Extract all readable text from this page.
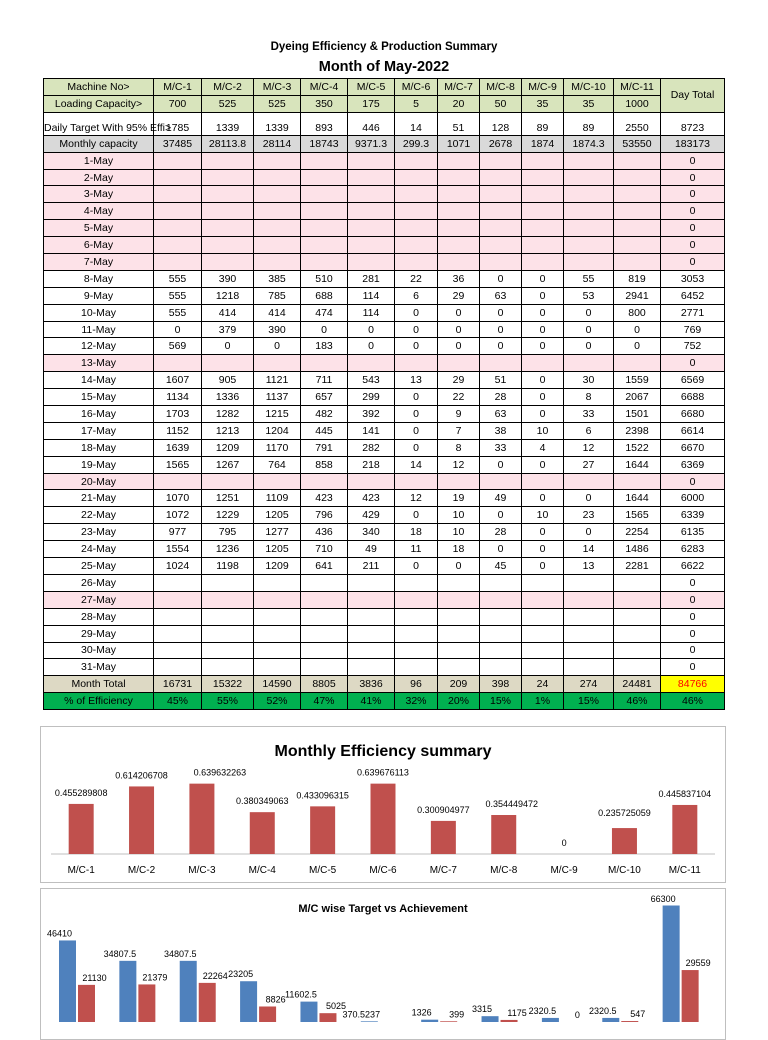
Dyeing Efficiency & Production Summary
Month of May-2022
Machine No>	M/C-1	M/C-2	M/C-3	M/C-4	M/C-5	M/C-6	M/C-7	M/C-8	M/C-9	M/C-10	M/C-11	Day Total
Loading Capacity>	700	525	525	350	175	5	20	50	35	35	1000	
Daily Target With 95% Effi>	1785	1339	1339	893	446	14	51	128	89	89	2550	8723
Monthly capacity	37485	28113.8	28114	18743	9371.3	299.3	1071	2678	1874	1874.3	53550	183173
1-May												0
2-May												0
3-May												0
4-May												0
5-May												0
6-May												0
7-May												0
8-May	555	390	385	510	281	22	36	0	0	55	819	3053
9-May	555	1218	785	688	114	6	29	63	0	53	2941	6452
10-May	555	414	414	474	114	0	0	0	0	0	800	2771
11-May	0	379	390	0	0	0	0	0	0	0	0	769
12-May	569	0	0	183	0	0	0	0	0	0	0	752
13-May												0
14-May	1607	905	1121	711	543	13	29	51	0	30	1559	6569
15-May	1134	1336	1137	657	299	0	22	28	0	8	2067	6688
16-May	1703	1282	1215	482	392	0	9	63	0	33	1501	6680
17-May	1152	1213	1204	445	141	0	7	38	10	6	2398	6614
18-May	1639	1209	1170	791	282	0	8	33	4	12	1522	6670
19-May	1565	1267	764	858	218	14	12	0	0	27	1644	6369
20-May												0
21-May	1070	1251	1109	423	423	12	19	49	0	0	1644	6000
22-May	1072	1229	1205	796	429	0	10	0	10	23	1565	6339
23-May	977	795	1277	436	340	18	10	28	0	0	2254	6135
24-May	1554	1236	1205	710	49	11	18	0	0	14	1486	6283
25-May	1024	1198	1209	641	211	0	0	45	0	13	2281	6622
26-May												0
27-May												0
28-May												0
29-May												0
30-May												0
31-May												0
Month Total	16731	15322	14590	8805	3836	96	209	398	24	274	24481	84766
% of Efficiency	45%	55%	52%	47%	41%	32%	20%	15%	1%	15%	46%	46%
Monthly Efficiency summary
M/C-1
0.455289808
M/C-2
0.614206708
M/C-3
0.639632263
M/C-4
0.380349063
M/C-5
0.433096315
M/C-6
0.639676113
M/C-7
0.300904977
M/C-8
0.354449472
M/C-9
0
M/C-10
0.235725059
M/C-11
0.445837104
M/C wise Target vs Achievement
46410
34807.5	34807.5
23205
11602.5
370.5237	1326	3315	2320.5	2320.5
66300
21130	21379	22264
8826
5025
399	1175	0	547
29559
